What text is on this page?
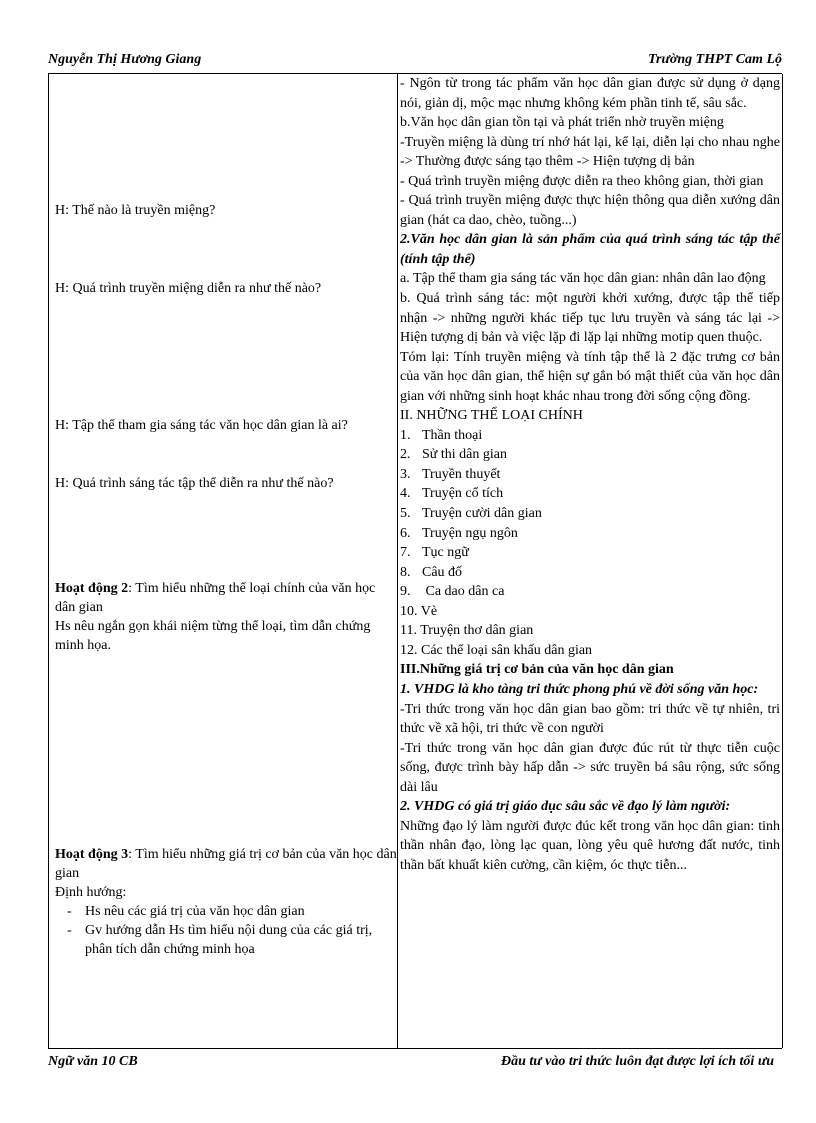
Nguyễn Thị Hương Giang	Trường THPT Cam Lộ
H: Thế nào là truyền miệng?
H: Quá trình truyền miệng diễn ra như thế nào?
H: Tập thể tham gia sáng tác văn học dân gian là ai?
H: Quá trình sáng tác tập thể diễn ra như thế nào?
Hoạt động 2: Tìm hiểu những thể loại chính của văn học dân gian
Hs nêu ngắn gọn khái niệm từng thể loại, tìm dẫn chứng minh họa.
Hoạt động 3: Tìm hiểu những giá trị cơ bản của văn học dân gian
Định hướng:
- Hs nêu các giá trị của văn học dân gian
- Gv hướng dẫn Hs tìm hiểu nội dung của các giá trị, phân tích dẫn chứng minh họa

- Ngôn từ trong tác phẩm văn học dân gian được sử dụng ở dạng nói, giản dị, mộc mạc nhưng không kém phần tinh tế, sâu sắc.

b.Văn học dân gian tồn tại và phát triển nhờ truyền miệng

-Truyền miệng là dùng trí nhớ hát lại, kể lại, diễn lại cho nhau nghe -> Thường được sáng tạo thêm -> Hiện tượng dị bản

- Quá trình truyền miệng được diễn ra theo không gian, thời gian

- Quá trình truyền miệng được thực hiện thông qua diễn xướng dân gian (hát ca dao, chèo, tuồng...)

2.Văn học dân gian là sản phẩm của quá trình sáng tác tập thể (tính tập thể)

a. Tập thể tham gia sáng tác văn học dân gian: nhân dân lao động

b. Quá trình sáng tác: một người khởi xướng, được tập thể tiếp nhận -> những người khác tiếp tục lưu truyền và sáng tác lại -> Hiện tượng dị bản và việc lặp đi lặp lại những motip quen thuộc.

Tóm lại: Tính truyền miệng và tính tập thể là 2 đặc trưng cơ bản của văn học dân gian, thể hiện sự gắn bó mật thiết của văn học dân gian với những sinh hoạt khác nhau trong đời sống cộng đồng.

II. NHỮNG THỂ LOẠI CHÍNH

1. Thần thoại

2. Sử thi dân gian

3. Truyền thuyết

4. Truyện cổ tích

5. Truyện cười dân gian

6. Truyện ngụ ngôn

7. Tục ngữ

8. Câu đố

9. Ca dao dân ca

10. Vè

11. Truyện thơ dân gian

12. Các thể loại sân khấu dân gian

III.Những giá trị cơ bản của văn học dân gian

1. VHDG là kho tàng tri thức phong phú về đời sống văn học:

-Tri thức trong văn học dân gian bao gồm: tri thức về tự nhiên, tri thức về xã hội, tri thức về con người

-Tri thức trong văn học dân gian được đúc rút từ thực tiễn cuộc sống, được trình bày hấp dẫn -> sức truyền bá sâu rộng, sức sống dài lâu

2. VHDG có giá trị giáo dục sâu sắc về đạo lý làm người:

Những đạo lý làm người được đúc kết trong văn học dân gian: tinh thần nhân đạo, lòng lạc quan, lòng yêu quê hương đất nước, tinh thần bất khuất kiên cường, cần kiệm, óc thực tiễn...

Ngữ văn 10 CB	Đầu tư vào tri thức luôn đạt được lợi ích tối ưu
